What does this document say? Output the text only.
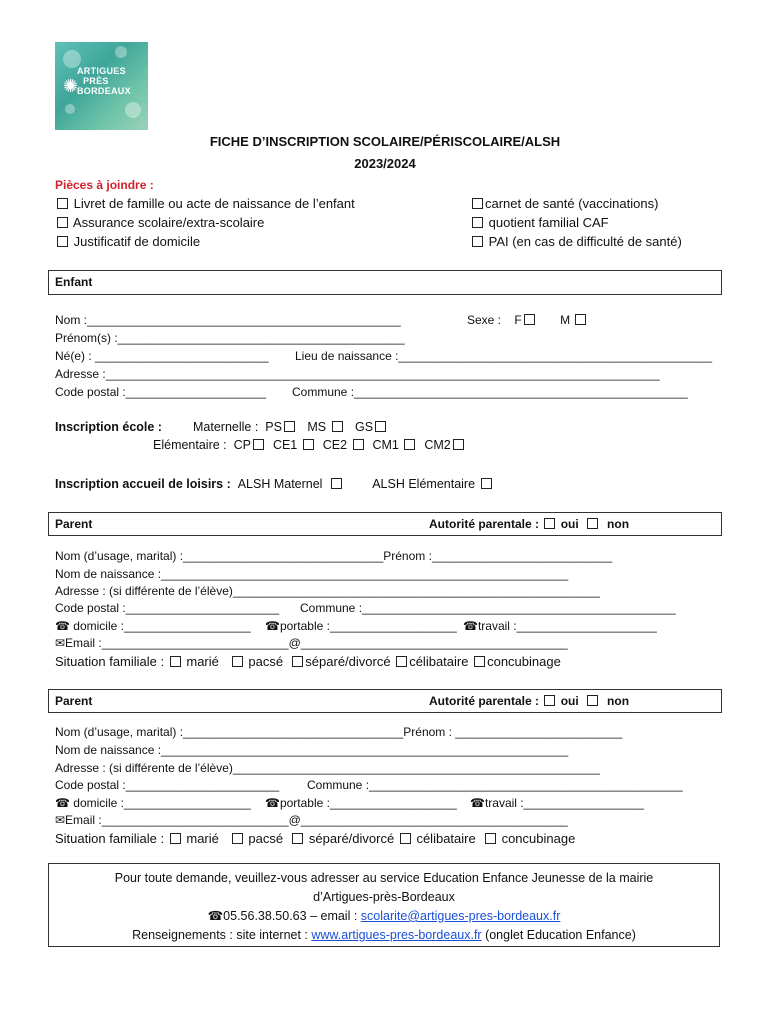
✺
ARTIGUES
PRÈS
BORDEAUX
FICHE D’INSCRIPTION SCOLAIRE/PÉRISCOLAIRE/ALSH
2023/2024
Pièces à joindre :
Livret de famille ou acte de naissance de l’enfant
Assurance scolaire/extra-scolaire
Justificatif de domicile
carnet de santé (vaccinations)
quotient familial CAF
PAI (en cas de difficulté de santé)
Enfant
Nom :_______________________________________________	Sexe : F	M
Prénom(s) :___________________________________________
Né(e) : __________________________ Lieu de naissance :_______________________________________________
Adresse :___________________________________________________________________________________
Code postal :_____________________ Commune :__________________________________________________
Inscription école : Maternelle : PS MS GS
Elémentaire : CP CE1 CE2 CM1 CM2
Inscription accueil de loisirs : ALSH Maternel	ALSH Elémentaire
Parent	Autorité parentale : oui non
Nom (d’usage, marital) :______________________________Prénom :___________________________
Nom de naissance :_____________________________________________________________
Adresse : (si différente de l’élève)_______________________________________________________
Code postal :_______________________ Commune :_______________________________________________
☎ domicile :___________________ ☎portable :___________________ ☎travail :_____________________
✉Email :____________________________@________________________________________
Situation familiale : marié pacsé séparé/divorcé célibataire concubinage
Parent	Autorité parentale : oui non
Nom (d’usage, marital) :_________________________________Prénom : _________________________
Nom de naissance :_____________________________________________________________
Adresse : (si différente de l’élève)_______________________________________________________
Code postal :_______________________ Commune :_______________________________________________
☎ domicile :___________________ ☎portable :___________________ ☎travail :__________________
✉Email :____________________________@________________________________________
Situation familiale : marié pacsé séparé/divorcé célibataire concubinage
Pour toute demande, veuillez-vous adresser au service Education Enfance Jeunesse de la mairie
d’Artigues-près-Bordeaux
☎05.56.38.50.63 – email : scolarite@artigues-pres-bordeaux.fr
Renseignements : site internet : www.artigues-pres-bordeaux.fr (onglet Education Enfance)
